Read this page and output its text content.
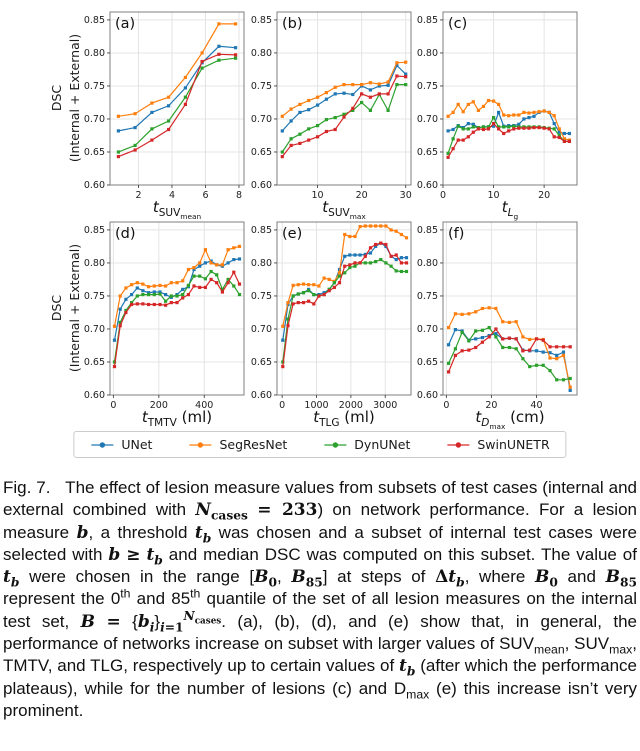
DSC (Internal + External)
DSC (Internal + External)
0.60
0.65
0.70
0.75
0.80
0.85
2	4	6	8
(a)
0.60
0.65
0.70
0.75
0.80
0.85
10	20	30
(b)
0.60
0.65
0.70
0.75
0.80
0.85
0	10	20
(c)
0.60
0.65
0.70
0.75
0.80
0.85
0	200	400
(d)
0.60
0.65
0.70
0.75
0.80
0.85
0 1000 2000 3000
(e)
0.60
0.65
0.70
0.75
0.80
0.85
0	20	40
(f)
$t_{SUV_{mean}}$
$t_{SUV_{max}}$
$t_{L_g}$
$t_{TMTV}$ (ml)	$t_{TLG}$ (ml)	$t_{D_{max}}$ (cm)
UNet	SegResNet	DynUNet	SwinUNETR
Fig. 7.   The effect of lesion measure values from subsets of test cases (internal and external combined with $N_{cases} = 233$) on network performance. For a lesion measure b, a threshold $t_b$ was chosen and a subset of internal test cases were selected with $b \ge t_b$ and median DSC was computed on this subset. The value of $t_b$ were chosen in the range [$B_0$, $B_{85}$] at steps of $\Delta t_b$, where $B_0$ and $B_{85}$ represent the 0th and 85th quantile of the set of all lesion measures on the internal test set, $B = \{b_i\}_{i=1}^{N_{cases}}$. (a), (b), (d), and (e) show that, in general, the performance of networks increase on subset with larger values of $SUV_{mean}$, $SUV_{max}$, TMTV, and TLG, respectively up to certain values of $t_b$ (after which the performance plateaus), while for the number of lesions (c) and $D_{max}$ (e) this increase isn’t very prominent.
